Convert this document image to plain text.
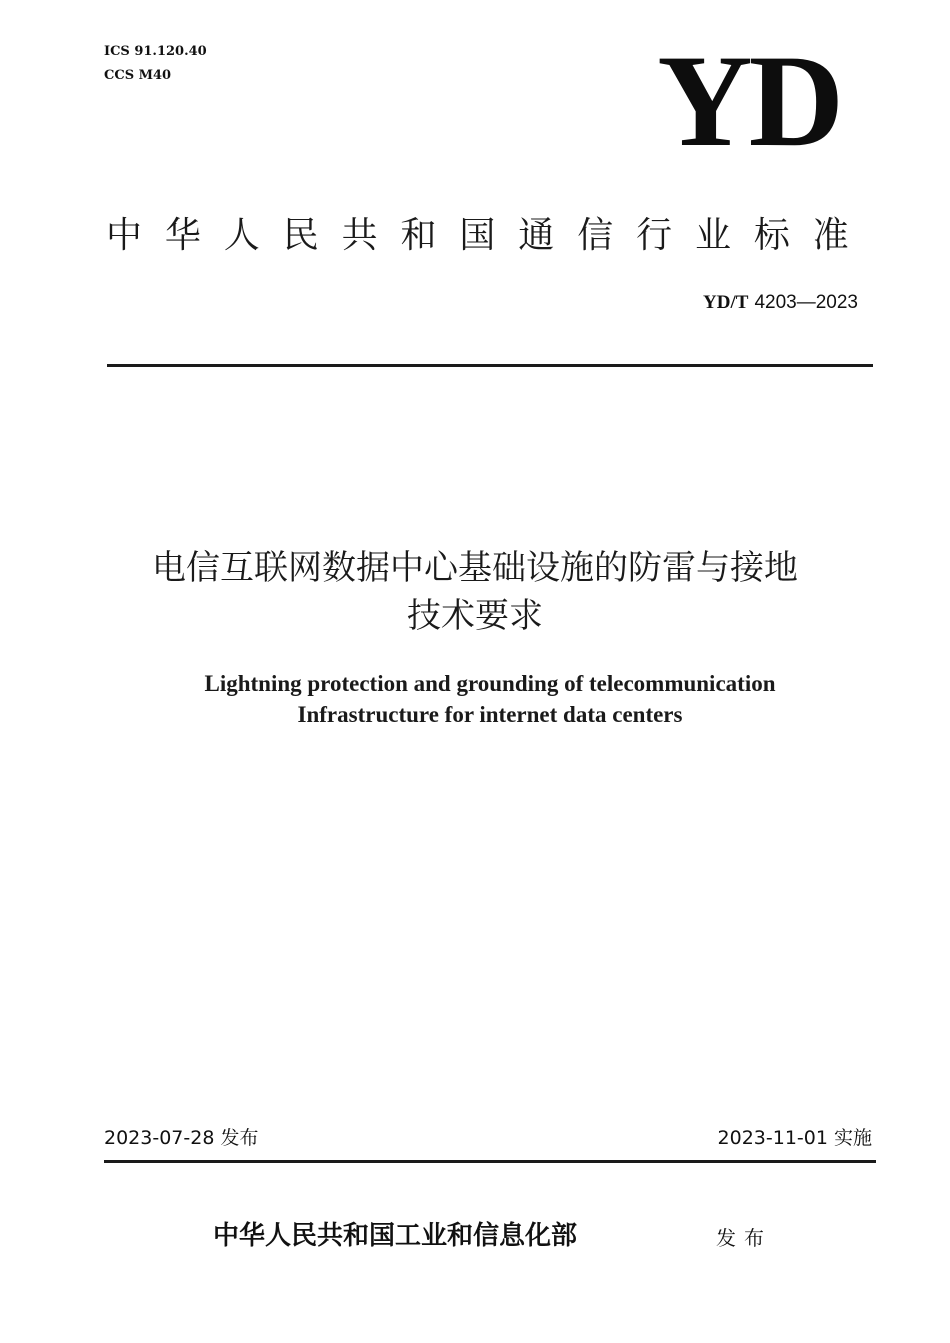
ICS 91.120.40
CCS M40	YD
中华人民共和国通信行业标准
YD/T 4203—2023
电信互联网数据中心基础设施的防雷与接地
技术要求
Lightning protection and grounding of telecommunication
Infrastructure for internet data centers
2023-07-28 发布	2023-11-01 实施
中华人民共和国工业和信息化部	发布
